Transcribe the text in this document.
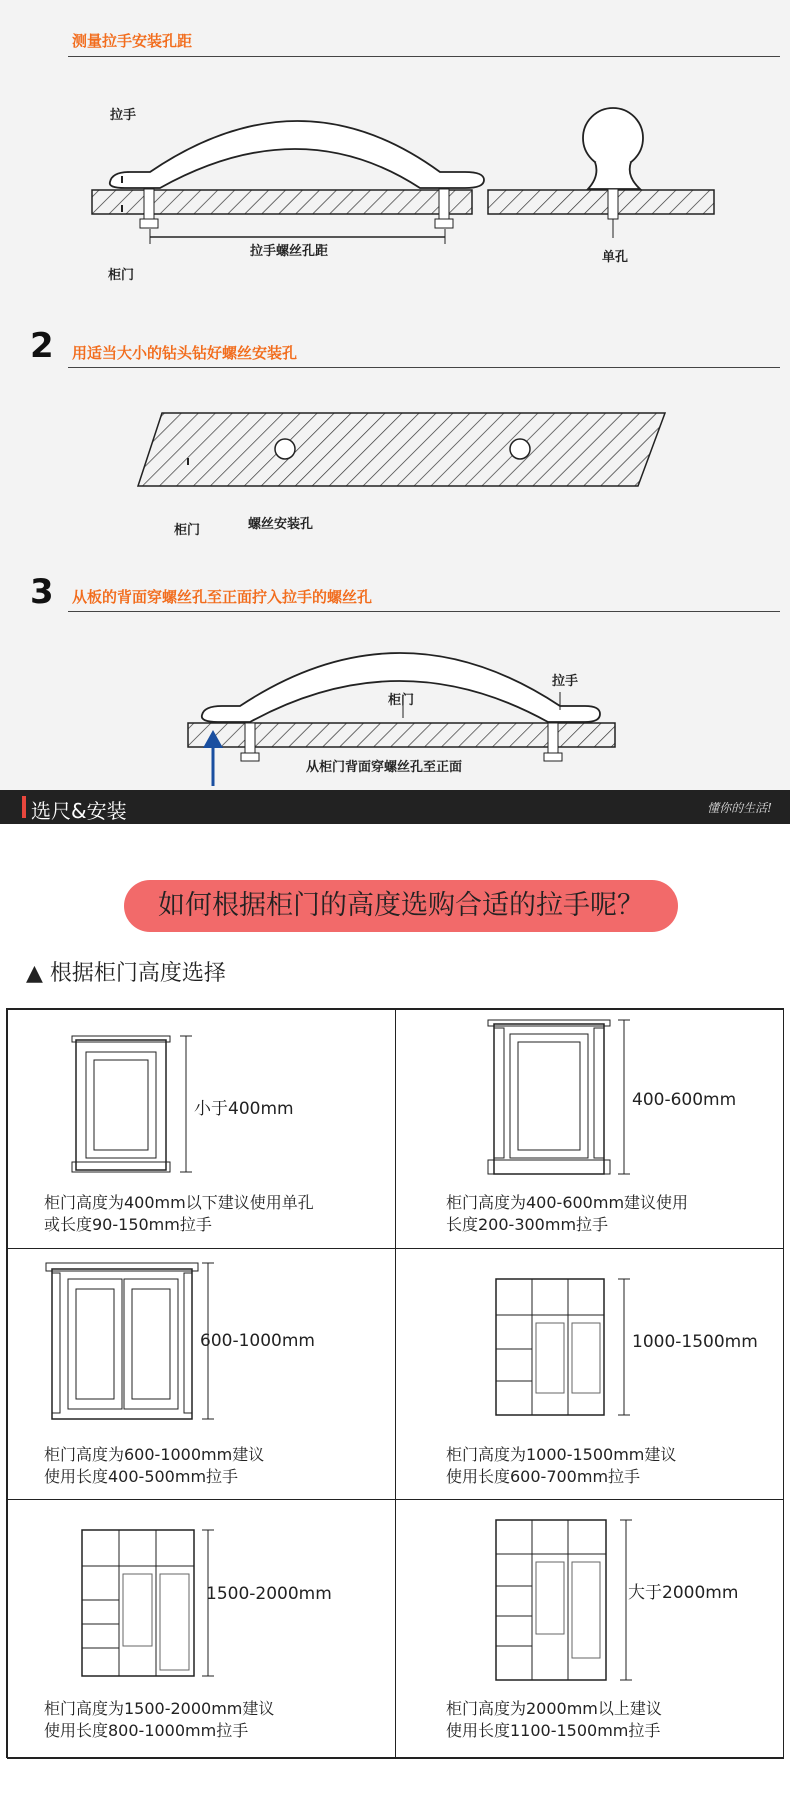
测量拉手安装孔距
拉手
柜门
拉手螺丝孔距	单孔
2 用适当大小的钻头钻好螺丝安装孔
柜门	螺丝安装孔
3 从板的背面穿螺丝孔至正面拧入拉手的螺丝孔
柜门
拉手
从柜门背面穿螺丝孔至正面
选尺&安装	懂你的生活!
如何根据柜门的高度选购合适的拉手呢？
▲ 根据柜门高度选择
小于400mm
柜门高度为400mm以下建议使用单孔
或长度90-150mm拉手
400-600mm
柜门高度为400-600mm建议使用
长度200-300mm拉手
600-1000mm
柜门高度为600-1000mm建议
使用长度400-500mm拉手
1000-1500mm
柜门高度为1000-1500mm建议
使用长度600-700mm拉手
1500-2000mm
柜门高度为1500-2000mm建议
使用长度800-1000mm拉手
大于2000mm
柜门高度为2000mm以上建议
使用长度1100-1500mm拉手
